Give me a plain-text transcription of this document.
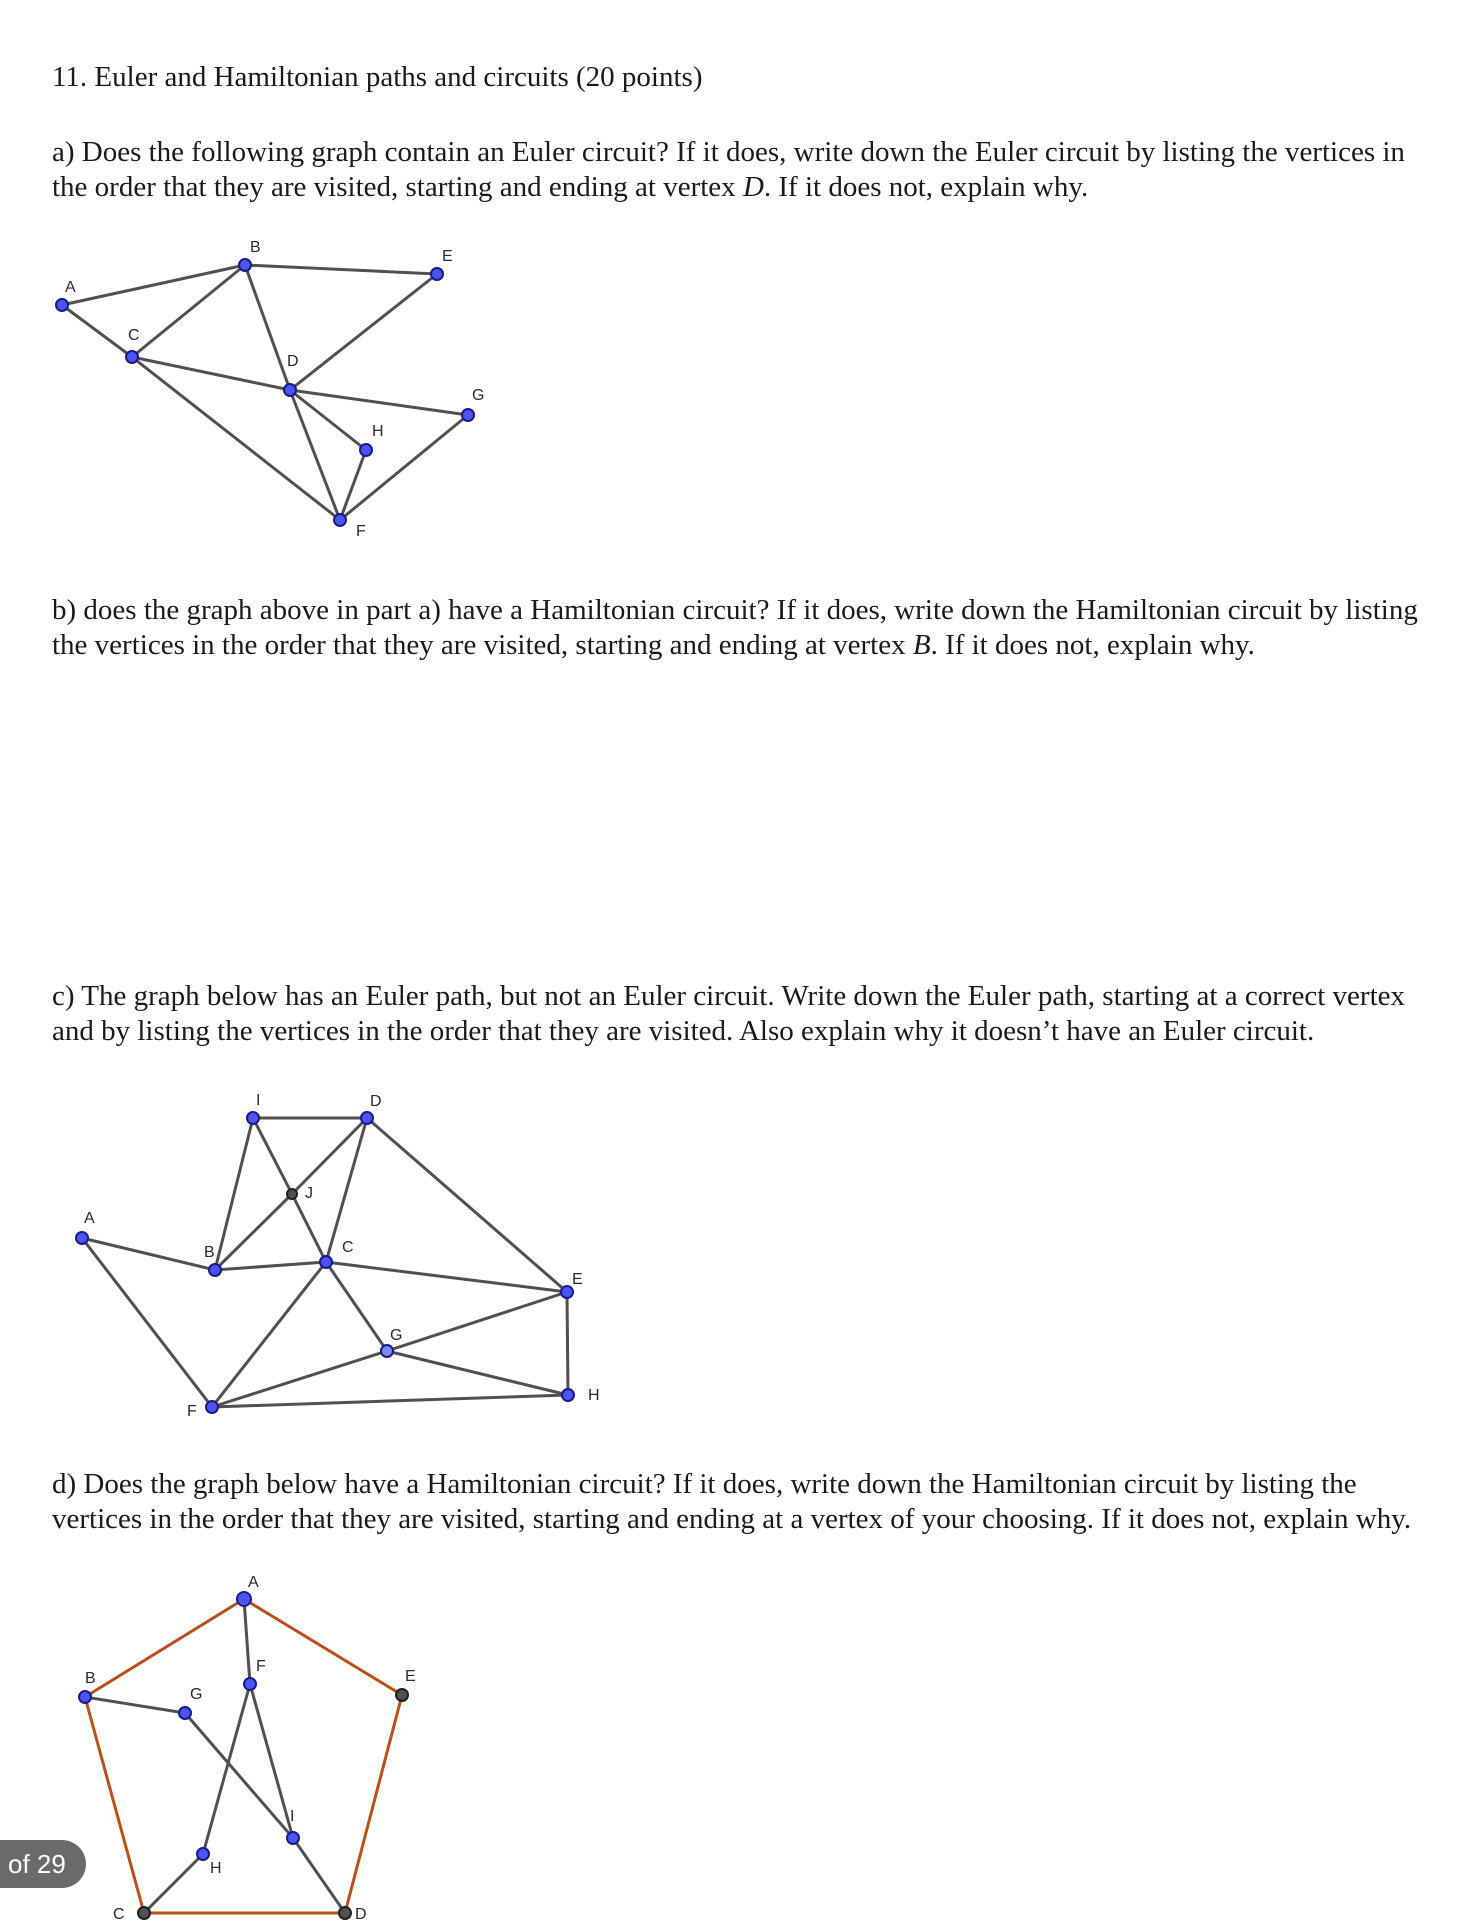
11. Euler and Hamiltonian paths and circuits (20 points)
a) Does the following graph contain an Euler circuit? If it does, write down the Euler circuit by listing the vertices in the order that they are visited, starting and ending at vertex D. If it does not, explain why.
A
B
C
D
E
F
G
H
b) does the graph above in part a) have a Hamiltonian circuit? If it does, write down the Hamiltonian circuit by listing the vertices in the order that they are visited, starting and ending at vertex B. If it does not, explain why.
c) The graph below has an Euler path, but not an Euler circuit. Write down the Euler path, starting at a correct vertex and by listing the vertices in the order that they are visited. Also explain why it doesn’t have an Euler circuit.
A
B	C
D
E
F
G
H
I
J
d) Does the graph below have a Hamiltonian circuit? If it does, write down the Hamiltonian circuit by listing the vertices in the order that they are visited, starting and ending at a vertex of your choosing. If it does not, explain why.
A
B
C	D
E
F
G
H
I
of 29
